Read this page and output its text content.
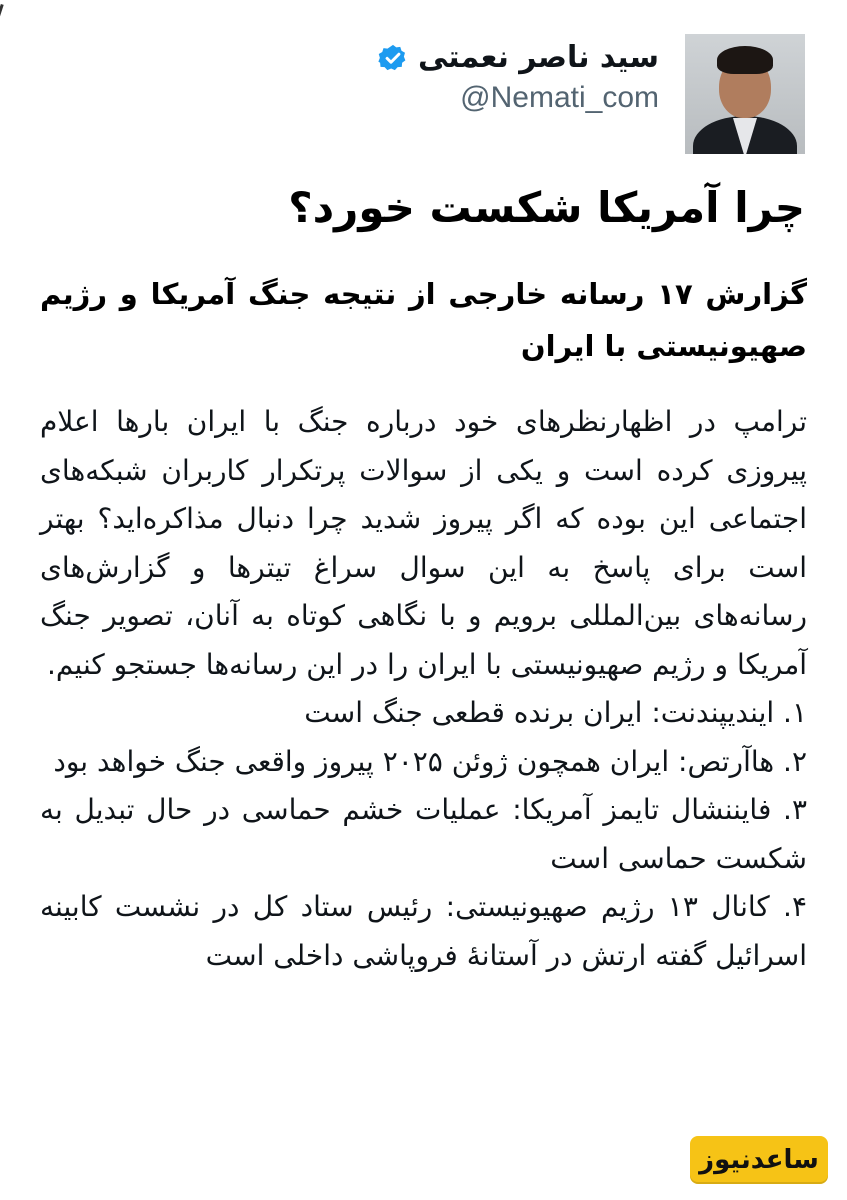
سید ناصر نعمتی
@Nemati_com
چرا آمریکا شکست خورد؟
گزارش ۱۷ رسانه خارجی از نتیجه جنگ آمریکا و رژیم صهیونیستی با ایران

ترامپ در اظهارنظرهای خود درباره جنگ با ایران بارها اعلام پیروزی کرده است و یکی از سوالات پرتکرار کاربران شبکه‌های اجتماعی این بوده که اگر پیروز شدید چرا دنبال مذاکره‌اید؟ بهتر است برای پاسخ به این سوال سراغ تیترها و گزارش‌های رسانه‌های بین‌المللی برویم و با نگاهی کوتاه به آنان، تصویر جنگ آمریکا و رژیم صهیونیستی با ایران را در این رسانه‌ها جستجو کنیم.

۱. ایندیپندنت: ایران برنده قطعی جنگ است
۲. هاآرتص: ایران همچون ژوئن ۲۰۲۵ پیروز واقعی جنگ خواهد بود
۳. فایننشال تایمز آمریکا: عملیات خشم حماسی در حال تبدیل به شکست حماسی است
۴. کانال ۱۳ رژیم صهیونیستی: رئیس ستاد کل در نشست کابینه اسرائیل گفته ارتش در آستانهٔ فروپاشی داخلی است
ساعدنیوز
